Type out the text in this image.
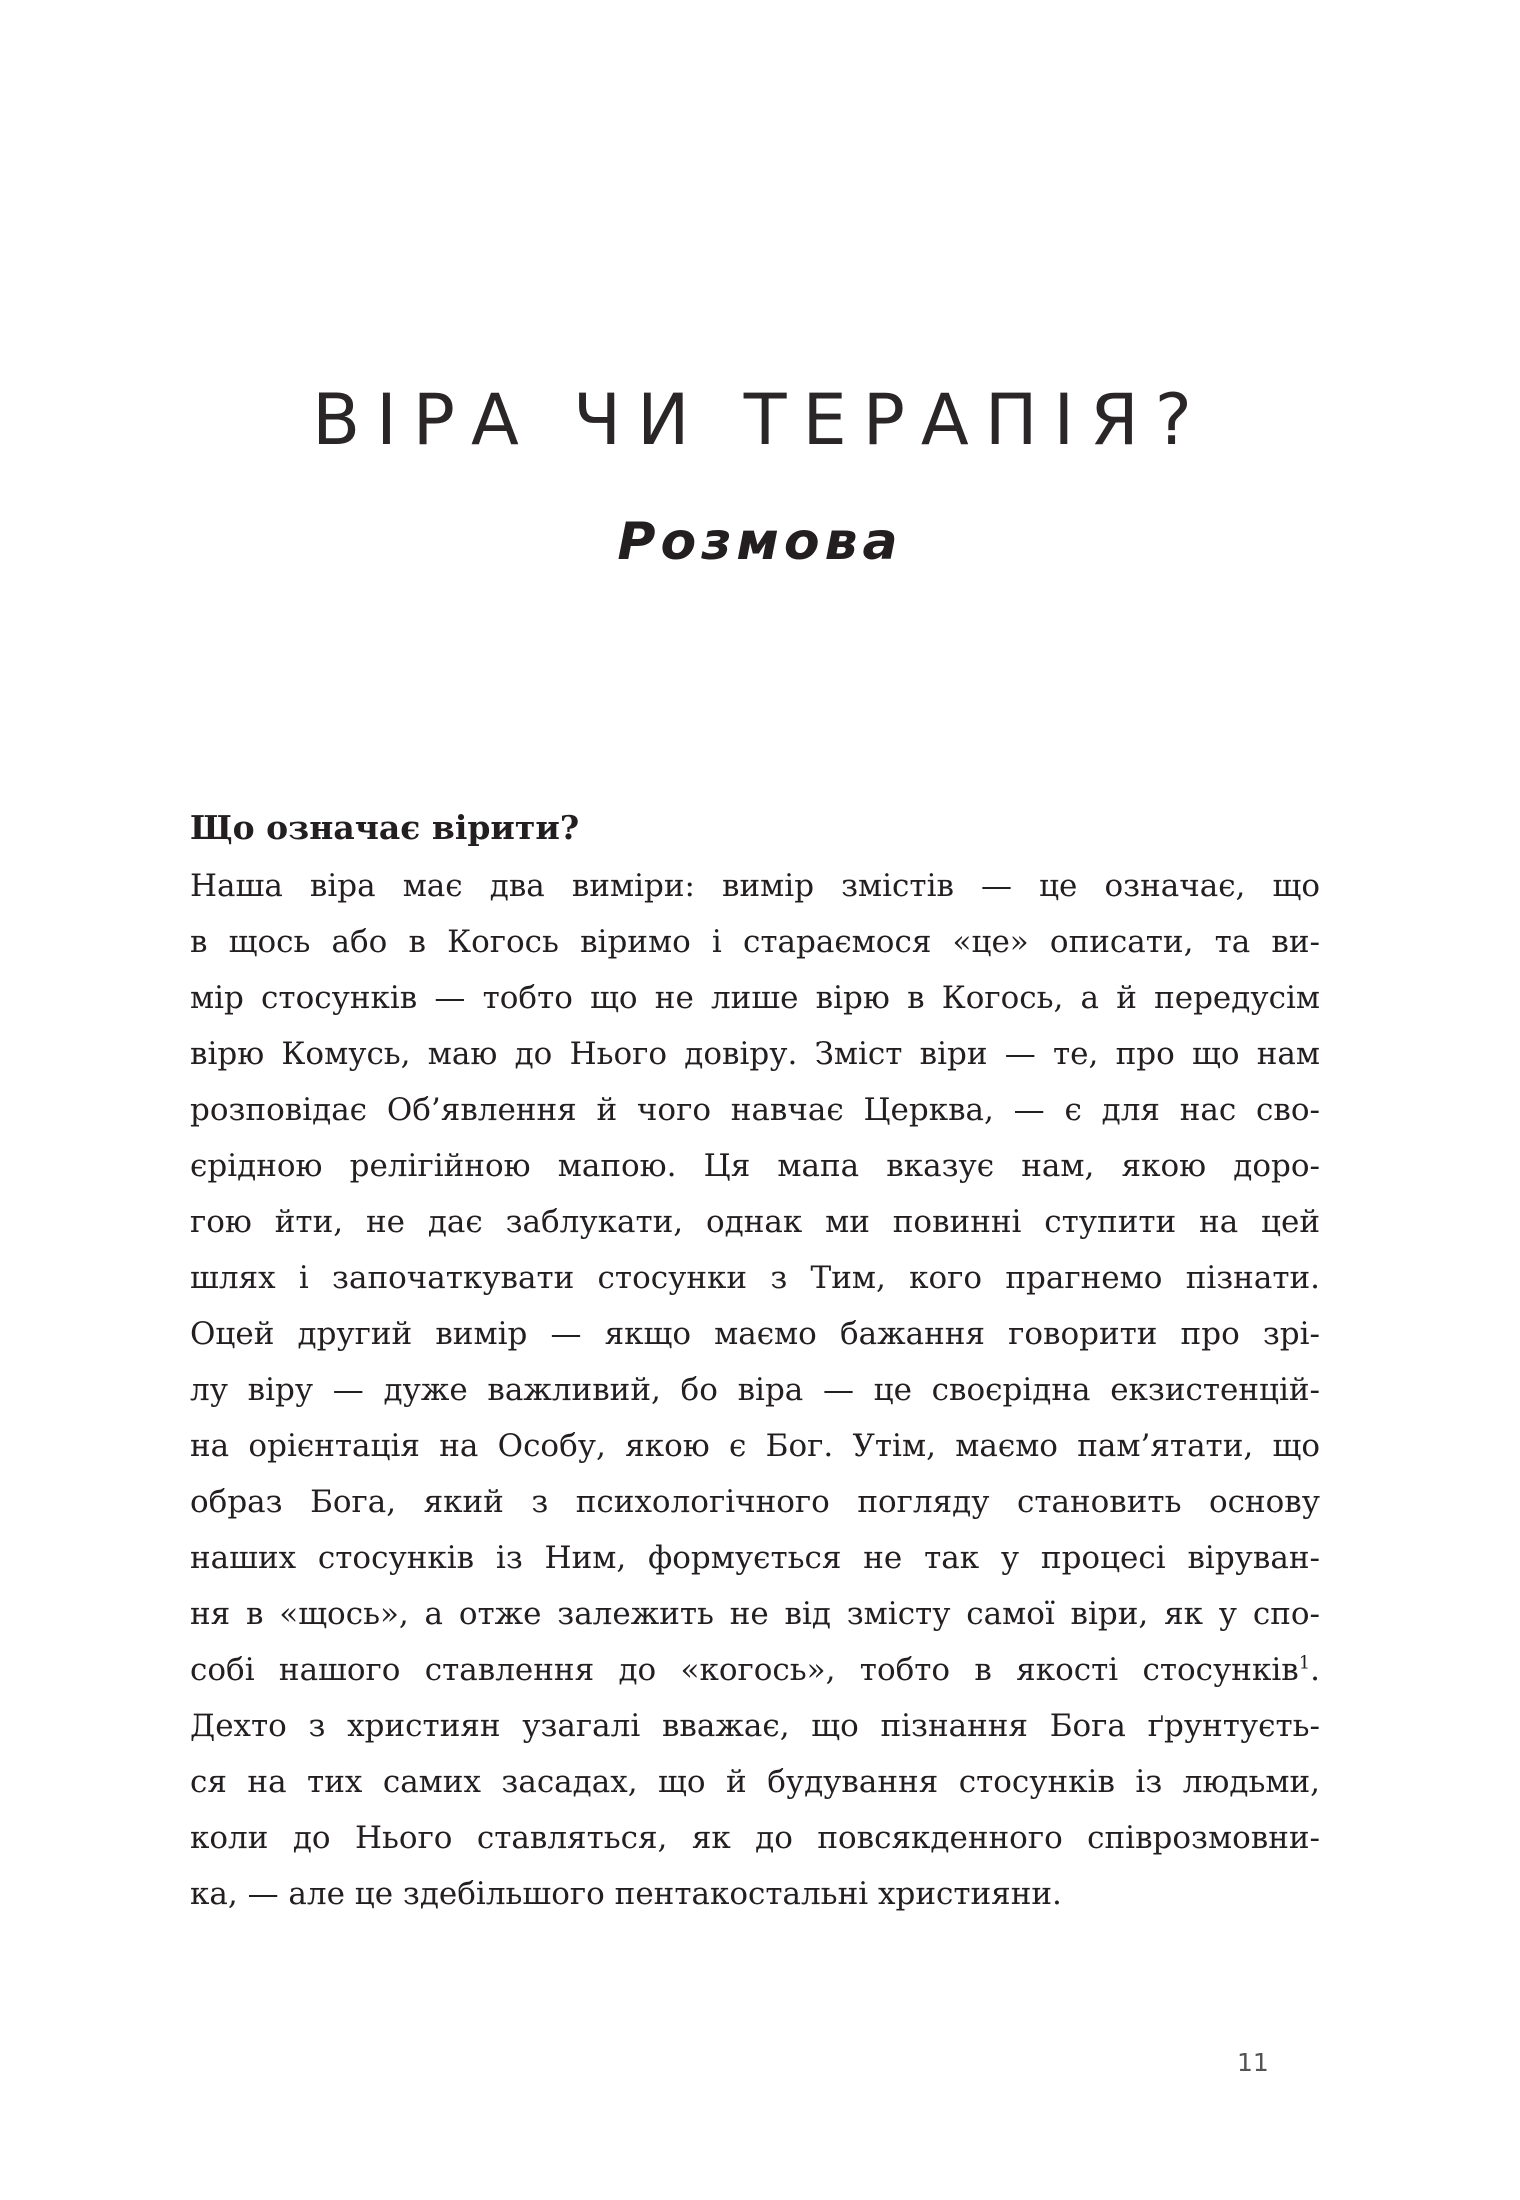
ВІРА ЧИ ТЕРАПІЯ?
Розмова
Що означає вірити?
Наша віра має два виміри: вимір змістів — це означає, що
в щось або в Когось віримо і стараємося «це» описати, та ви-
мір стосунків — тобто що не лише вірю в Когось, а й передусім
вірю Комусь, маю до Нього довіру. Зміст віри — те, про що нам
розповідає Об’явлення й чого навчає Церква, — є для нас сво-
єрідною релігійною мапою. Ця мапа вказує нам, якою доро-
гою йти, не дає заблукати, однак ми повинні ступити на цей
шлях і започаткувати стосунки з Тим, кого прагнемо пізнати.
Оцей другий вимір — якщо маємо бажання говорити про зрі-
лу віру — дуже важливий, бо віра — це своєрідна екзистенцій-
на орієнтація на Особу, якою є Бог. Утім, маємо пам’ятати, що
образ Бога, який з психологічного погляду становить основу
наших стосунків із Ним, формується не так у процесі віруван-
ня в «щось», а отже залежить не від змісту самої віри, як у спо-
собі нашого ставлення до «когось», тобто в якості стосунків$^1$.
Дехто з християн узагалі вважає, що пізнання Бога ґрунтуєть-
ся на тих самих засадах, що й будування стосунків із людьми,
коли до Нього ставляться, як до повсякденного співрозмовни-
ка, — але це здебільшого пентакостальні християни.
11
